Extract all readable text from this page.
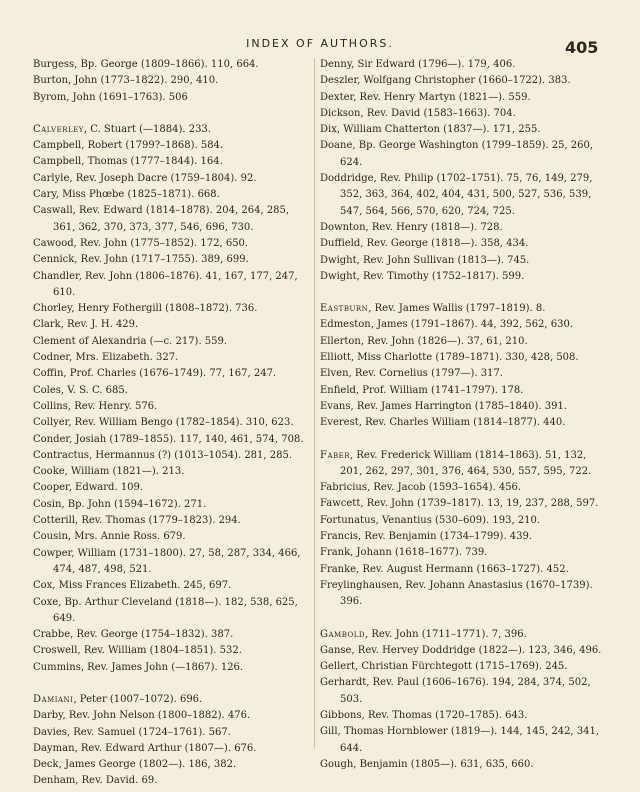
INDEX OF AUTHORS.	405
Burgess, Bp. George (1809–1866). 110, 664.
Burton, John (1773–1822). 290, 410.
Byrom, John (1691–1763). 506
Calverley, C. Stuart (—1884). 233.
Campbell, Robert (1799?–1868). 584.
Campbell, Thomas (1777–1844). 164.
Carlyle, Rev. Joseph Dacre (1759–1804). 92.
Cary, Miss Phœbe (1825–1871). 668.
Caswall, Rev. Edward (1814–1878). 204, 264, 285, 361, 362, 370, 373, 377, 546, 696, 730.
Cawood, Rev. John (1775–1852). 172, 650.
Cennick, Rev. John (1717–1755). 389, 699.
Chandler, Rev. John (1806–1876). 41, 167, 177, 247, 610.
Chorley, Henry Fothergill (1808–1872). 736.
Clark, Rev. J. H. 429.
Clement of Alexandria (—c. 217). 559.
Codner, Mrs. Elizabeth. 327.
Coffin, Prof. Charles (1676–1749). 77, 167, 247.
Coles, V. S. C. 685.
Collins, Rev. Henry. 576.
Collyer, Rev. William Bengo (1782–1854). 310, 623.
Conder, Josiah (1789–1855). 117, 140, 461, 574, 708.
Contractus, Hermannus (?) (1013–1054). 281, 285.
Cooke, William (1821—). 213.
Cooper, Edward. 109.
Cosin, Bp. John (1594–1672). 271.
Cotterill, Rev. Thomas (1779–1823). 294.
Cousin, Mrs. Annie Ross. 679.
Cowper, William (1731–1800). 27, 58, 287, 334, 466, 474, 487, 498, 521.
Cox, Miss Frances Elizabeth. 245, 697.
Coxe, Bp. Arthur Cleveland (1818—). 182, 538, 625, 649.
Crabbe, Rev. George (1754–1832). 387.
Croswell, Rev. William (1804–1851). 532.
Cummins, Rev. James John (—1867). 126.
Damiani, Peter (1007–1072). 696.
Darby, Rev. John Nelson (1800–1882). 476.
Davies, Rev. Samuel (1724–1761). 567.
Dayman, Rev. Edward Arthur (1807—). 676.
Deck, James George (1802—). 186, 382.
Denham, Rev. David. 69.
Denny, Sir Edward (1796—). 179, 406.
Deszler, Wolfgang Christopher (1660–1722). 383.
Dexter, Rev. Henry Martyn (1821—). 559.
Dickson, Rev. David (1583–1663). 704.
Dix, William Chatterton (1837—). 171, 255.
Doane, Bp. George Washington (1799–1859). 25, 260, 624.
Doddridge, Rev. Philip (1702–1751). 75, 76, 149, 279, 352, 363, 364, 402, 404, 431, 500, 527, 536, 539, 547, 564, 566, 570, 620, 724, 725.
Downton, Rev. Henry (1818—). 728.
Duffield, Rev. George (1818—). 358, 434.
Dwight, Rev. John Sullivan (1813—). 745.
Dwight, Rev. Timothy (1752–1817). 599.
Eastburn, Rev. James Wallis (1797–1819). 8.
Edmeston, James (1791–1867). 44, 392, 562, 630.
Ellerton, Rev. John (1826—). 37, 61, 210.
Elliott, Miss Charlotte (1789–1871). 330, 428, 508.
Elven, Rev. Cornelius (1797—). 317.
Enfield, Prof. William (1741–1797). 178.
Evans, Rev. James Harrington (1785–1840). 391.
Everest, Rev. Charles William (1814–1877). 440.
Faber, Rev. Frederick William (1814–1863). 51, 132, 201, 262, 297, 301, 376, 464, 530, 557, 595, 722.
Fabricius, Rev. Jacob (1593–1654). 456.
Fawcett, Rev. John (1739–1817). 13, 19, 237, 288, 597.
Fortunatus, Venantius (530–609). 193, 210.
Francis, Rev. Benjamin (1734–1799). 439.
Frank, Johann (1618–1677). 739.
Franke, Rev. August Hermann (1663–1727). 452.
Freylinghausen, Rev. Johann Anastasius (1670–1739). 396.
Gambold, Rev. John (1711–1771). 7, 396.
Ganse, Rev. Hervey Doddridge (1822—). 123, 346, 496.
Gellert, Christian Fürchtegott (1715–1769). 245.
Gerhardt, Rev. Paul (1606–1676). 194, 284, 374, 502, 503.
Gibbons, Rev. Thomas (1720–1785). 643.
Gill, Thomas Hornblower (1819—). 144, 145, 242, 341, 644.
Gough, Benjamin (1805—). 631, 635, 660.
